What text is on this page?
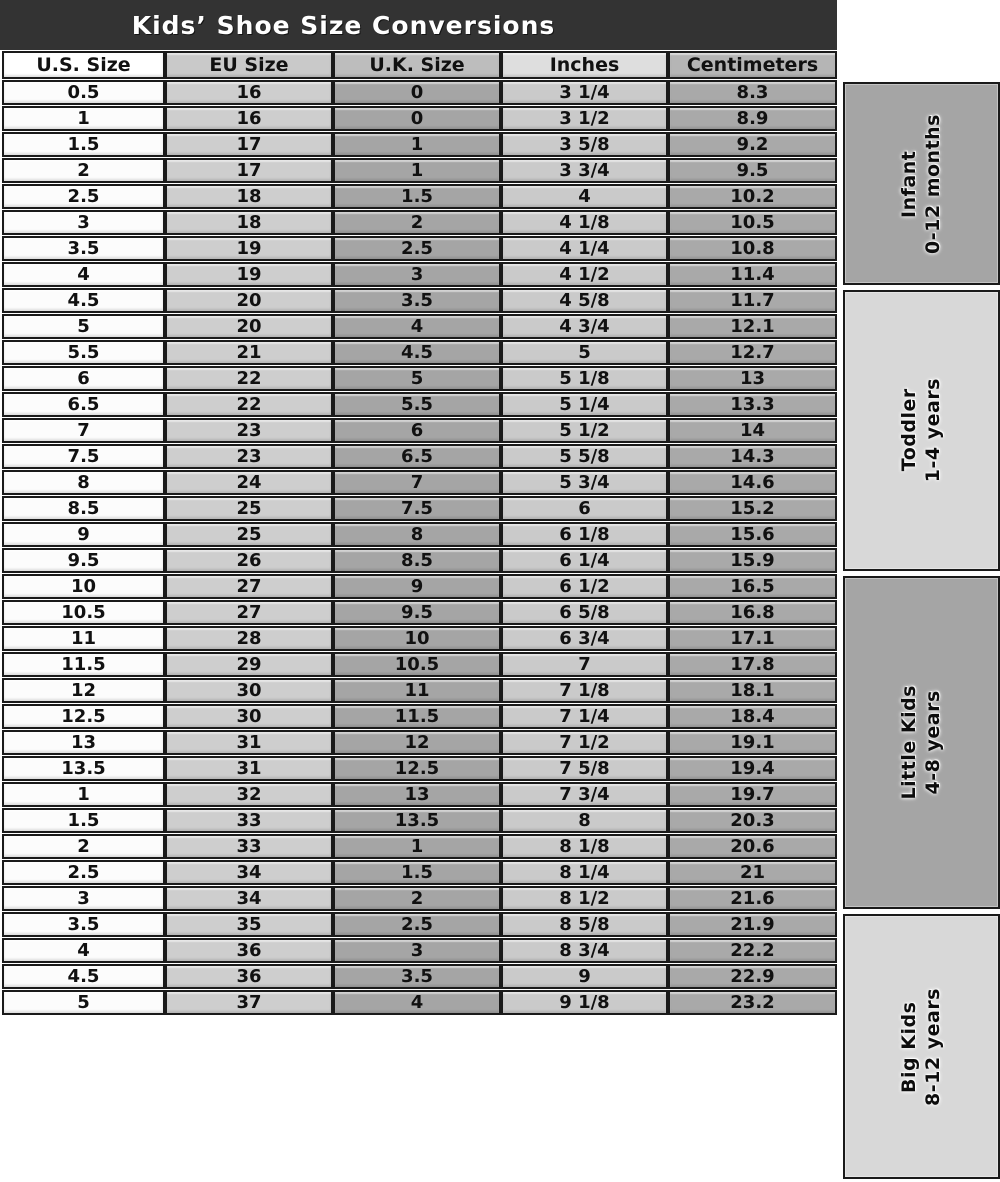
Kids’ Shoe Size Conversions
U.S. Size	EU Size	U.K. Size	Inches	Centimeters
0.5	16	0	3 1/4	8.3
1	16	0	3 1/2	8.9
1.5	17	1	3 5/8	9.2
2	17	1	3 3/4	9.5
2.5	18	1.5	4	10.2
3	18	2	4 1/8	10.5
3.5	19	2.5	4 1/4	10.8
4	19	3	4 1/2	11.4
4.5	20	3.5	4 5/8	11.7
5	20	4	4 3/4	12.1
5.5	21	4.5	5	12.7
6	22	5	5 1/8	13
6.5	22	5.5	5 1/4	13.3
7	23	6	5 1/2	14
7.5	23	6.5	5 5/8	14.3
8	24	7	5 3/4	14.6
8.5	25	7.5	6	15.2
9	25	8	6 1/8	15.6
9.5	26	8.5	6 1/4	15.9
10	27	9	6 1/2	16.5
10.5	27	9.5	6 5/8	16.8
11	28	10	6 3/4	17.1
11.5	29	10.5	7	17.8
12	30	11	7 1/8	18.1
12.5	30	11.5	7 1/4	18.4
13	31	12	7 1/2	19.1
13.5	31	12.5	7 5/8	19.4
1	32	13	7 3/4	19.7
1.5	33	13.5	8	20.3
2	33	1	8 1/8	20.6
2.5	34	1.5	8 1/4	21
3	34	2	8 1/2	21.6
3.5	35	2.5	8 5/8	21.9
4	36	3	8 3/4	22.2
4.5	36	3.5	9	22.9
5	37	4	9 1/8	23.2
Infant 0-12 months
Toddler 1-4 years
Little Kids 4-8 years
Big Kids 8-12 years
